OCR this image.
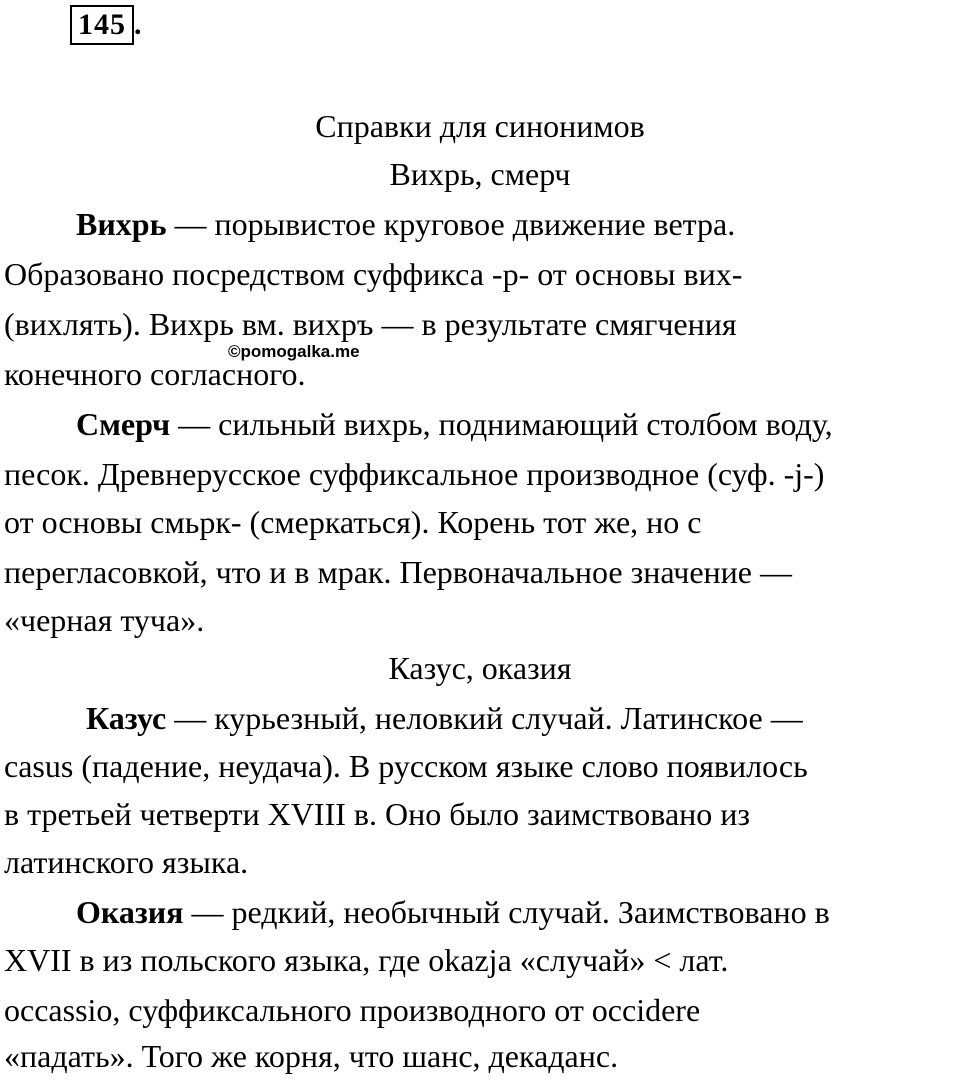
145 .
Справки для синонимов
Вихрь, смерч
Вихрь — порывистое круговое движение ветра.
Образовано посредством суффикса -р- от основы вих-
(вихлять). Вихрь вм. вихръ — в результате смягчения
конечного согласного.
©pomogalka.me
Смерч — сильный вихрь, поднимающий столбом воду,
песок. Древнерусское суффиксальное производное (суф. -j-)
от основы смьрк- (смеркаться). Корень тот же, но с
перегласовкой, что и в мрак. Первоначальное значение —
«черная туча».
Казус, оказия
Казус — курьезный, неловкий случай. Латинское —
casus (падение, неудача). В русском языке слово появилось
в третьей четверти XVIII в. Оно было заимствовано из
латинского языка.
Оказия — редкий, необычный случай. Заимствовано в
XVII в из польского языка, где okazja «случай» < лат.
occassio, суффиксального производного от occidere
«падать». Того же корня, что шанс, декаданс.
